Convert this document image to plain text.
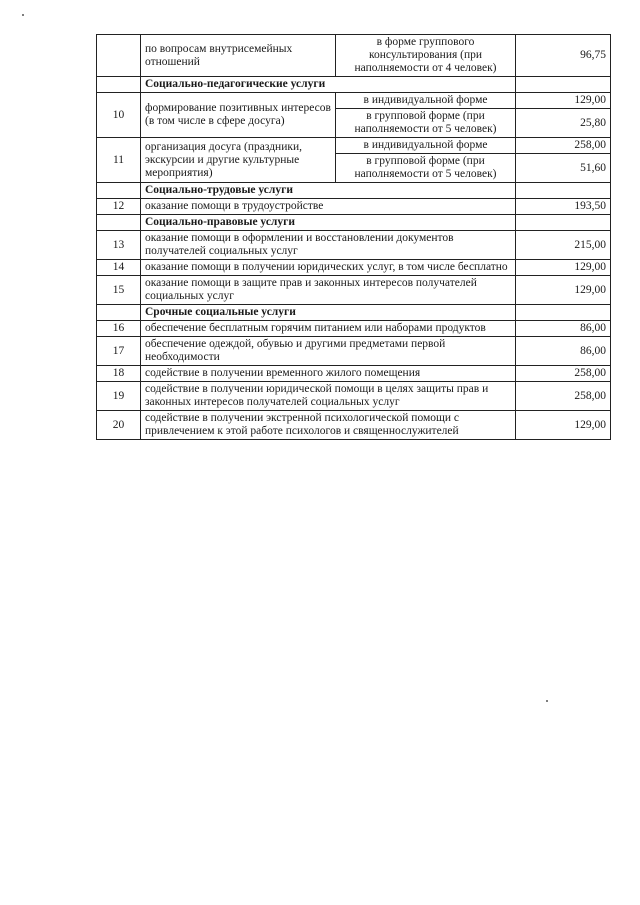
	по вопросам внутрисемейных отношений	в форме группового консультирования (при наполняемости от 4 человек)	96,75
	Социально-педагогические услуги		
10	формирование позитивных интересов (в том числе в сфере досуга)	в индивидуальной форме	129,00
		в групповой форме (при наполняемости от 5 человек)	25,80
11	организация досуга (праздники, экскурсии и другие культурные мероприятия)	в индивидуальной форме	258,00
		в групповой форме (при наполняемости от 5 человек)	51,60
	Социально-трудовые услуги		
12	оказание помощи в трудоустройстве		193,50
	Социально-правовые услуги		
13	оказание помощи в оформлении и восстановлении документов получателей социальных услуг		215,00
14	оказание помощи в получении юридических услуг, в том числе бесплатно		129,00
15	оказание помощи в защите прав и законных интересов получателей социальных услуг		129,00
	Срочные социальные услуги		
16	обеспечение бесплатным горячим питанием или наборами продуктов		86,00
17	обеспечение одеждой, обувью и другими предметами первой необходимости		86,00
18	содействие в получении временного жилого помещения		258,00
19	содействие в получении юридической помощи в целях защиты прав и законных интересов получателей социальных услуг		258,00
20	содействие в получении экстренной психологической помощи с привлечением к этой работе психологов и священнослужителей		129,00
